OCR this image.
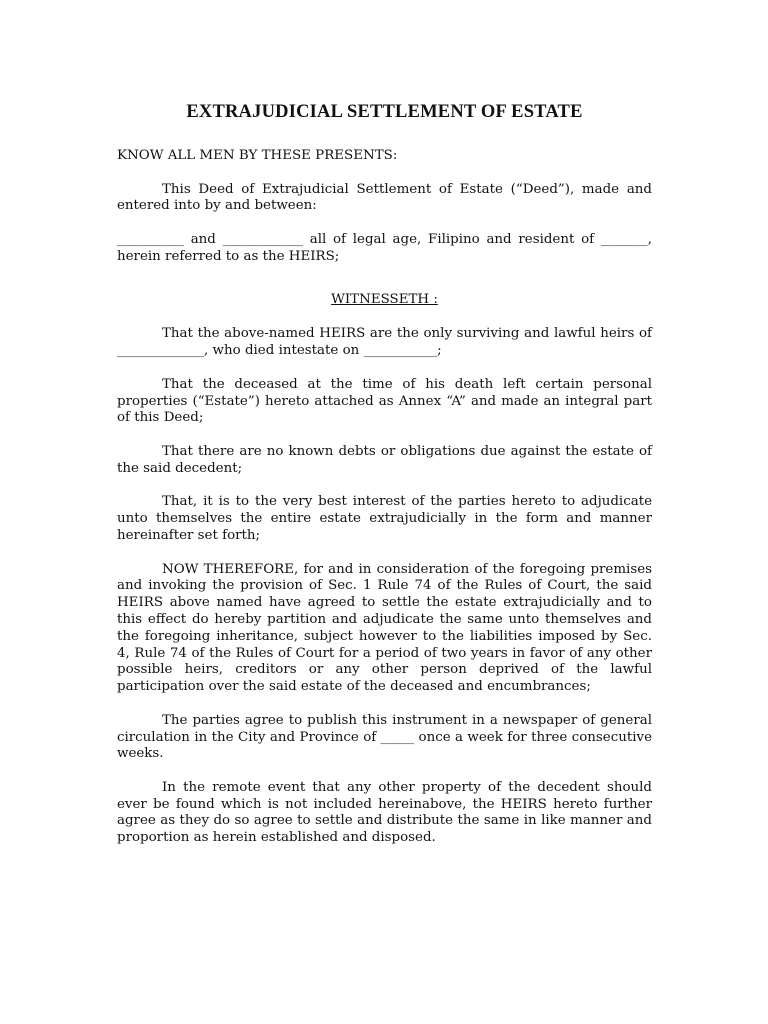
EXTRAJUDICIAL SETTLEMENT OF ESTATE
KNOW ALL MEN BY THESE PRESENTS:
This Deed of Extrajudicial Settlement of Estate (“Deed”), made and entered into by and between:
__________ and ____________ all of legal age, Filipino and resident of _______, herein referred to as the HEIRS;
WITNESSETH :
That the above-named HEIRS are the only surviving and lawful heirs of _____________, who died intestate on ___________;
That the deceased at the time of his death left certain personal properties (“Estate”) hereto attached as Annex “A” and made an integral part of this Deed;
That there are no known debts or obligations due against the estate of the said decedent;
That, it is to the very best interest of the parties hereto to adjudicate unto themselves the entire estate extrajudicially in the form and manner hereinafter set forth;
NOW THEREFORE, for and in consideration of the foregoing premises and invoking the provision of Sec. 1 Rule 74 of the Rules of Court, the said HEIRS above named have agreed to settle the estate extrajudicially and to this effect do hereby partition and adjudicate the same unto themselves and the foregoing inheritance, subject however to the liabilities imposed by Sec. 4, Rule 74 of the Rules of Court for a period of two years in favor of any other possible heirs, creditors or any other person deprived of the lawful participation over the said estate of the deceased and encumbrances;
The parties agree to publish this instrument in a newspaper of general circulation in the City and Province of _____ once a week for three consecutive weeks.
In the remote event that any other property of the decedent should ever be found which is not included hereinabove, the HEIRS hereto further agree as they do so agree to settle and distribute the same in like manner and proportion as herein established and disposed.
